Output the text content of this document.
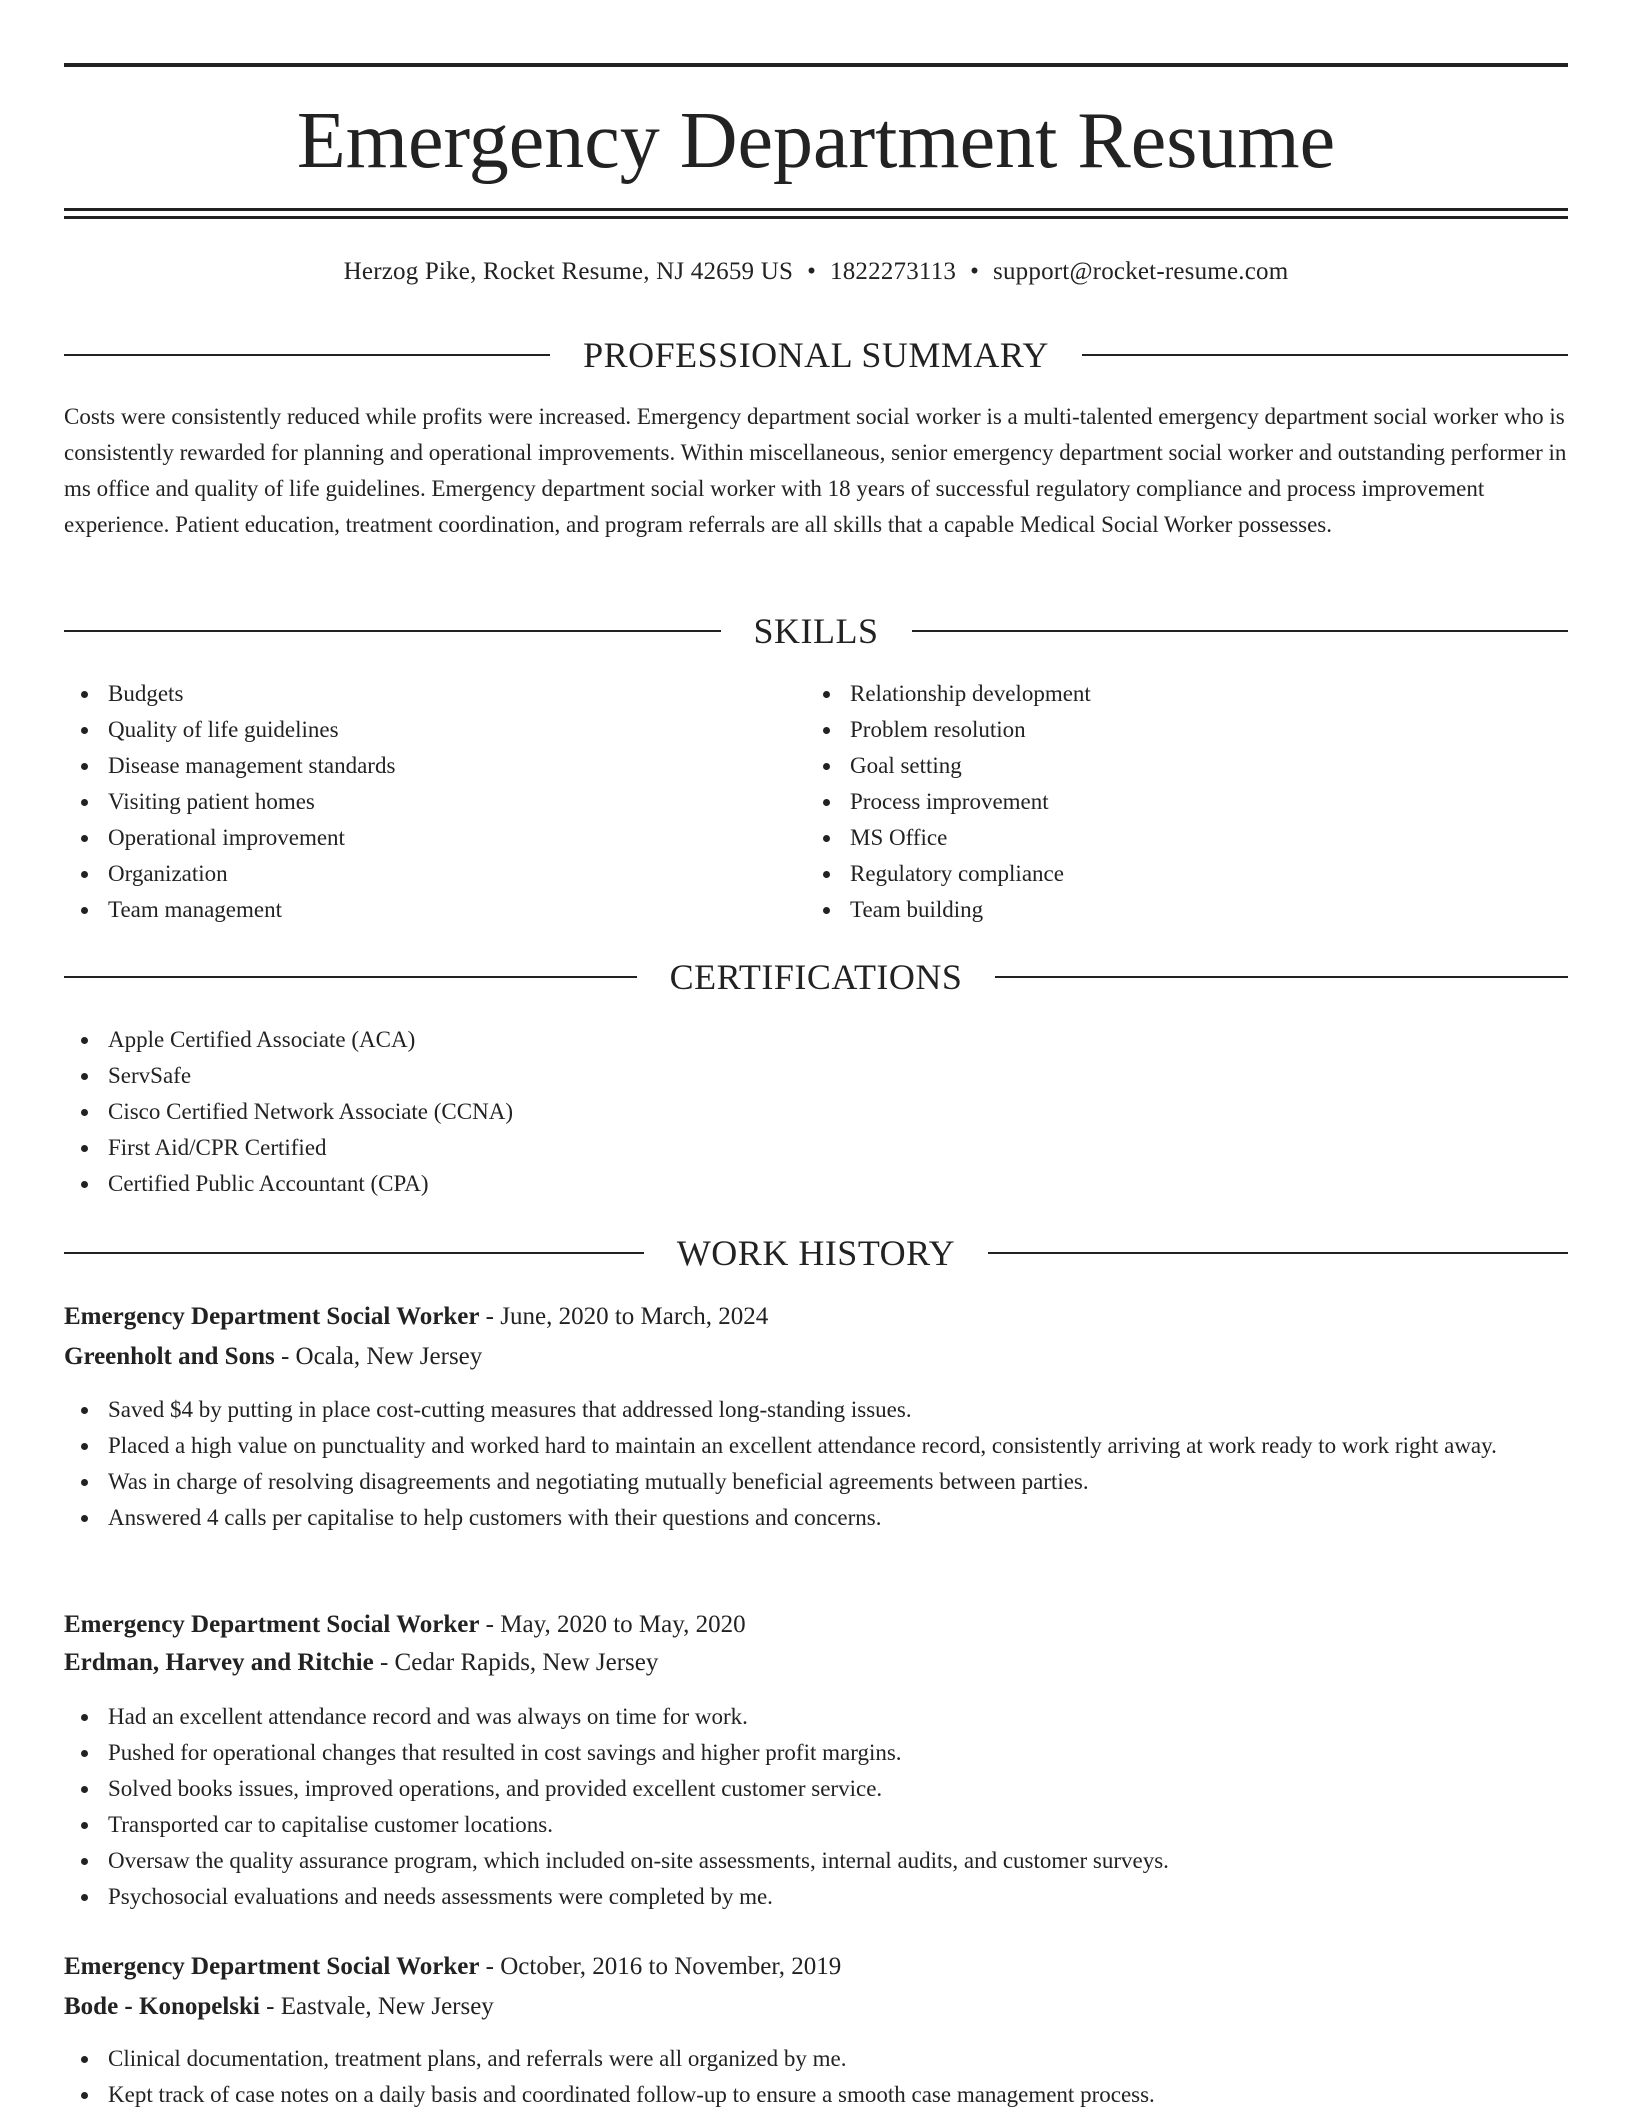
Emergency Department Resume
Herzog Pike, Rocket Resume, NJ 42659 US • 1822273113 • support@rocket-resume.com
PROFESSIONAL SUMMARY

Costs were consistently reduced while profits were increased. Emergency department social worker is a multi-talented emergency department social worker who is consistently rewarded for planning and operational improvements. Within miscellaneous, senior emergency department social worker and outstanding performer in ms office and quality of life guidelines. Emergency department social worker with 18 years of successful regulatory compliance and process improvement experience. Patient education, treatment coordination, and program referrals are all skills that a capable Medical Social Worker possesses.

SKILLS
Budgets
Quality of life guidelines
Disease management standards
Visiting patient homes
Operational improvement
Organization
Team management
Relationship development
Problem resolution
Goal setting
Process improvement
MS Office
Regulatory compliance
Team building
CERTIFICATIONS
Apple Certified Associate (ACA)
ServSafe
Cisco Certified Network Associate (CCNA)
First Aid/CPR Certified
Certified Public Accountant (CPA)
WORK HISTORY
Emergency Department Social Worker - June, 2020 to March, 2024
Greenholt and Sons - Ocala, New Jersey
Saved $4 by putting in place cost-cutting measures that addressed long-standing issues.
Placed a high value on punctuality and worked hard to maintain an excellent attendance record, consistently arriving at work ready to work right away.
Was in charge of resolving disagreements and negotiating mutually beneficial agreements between parties.
Answered 4 calls per capitalise to help customers with their questions and concerns.
Emergency Department Social Worker - May, 2020 to May, 2020
Erdman, Harvey and Ritchie - Cedar Rapids, New Jersey
Had an excellent attendance record and was always on time for work.
Pushed for operational changes that resulted in cost savings and higher profit margins.
Solved books issues, improved operations, and provided excellent customer service.
Transported car to capitalise customer locations.
Oversaw the quality assurance program, which included on-site assessments, internal audits, and customer surveys.
Psychosocial evaluations and needs assessments were completed by me.
Emergency Department Social Worker - October, 2016 to November, 2019
Bode - Konopelski - Eastvale, New Jersey
Clinical documentation, treatment plans, and referrals were all organized by me.
Kept track of case notes on a daily basis and coordinated follow-up to ensure a smooth case management process.
